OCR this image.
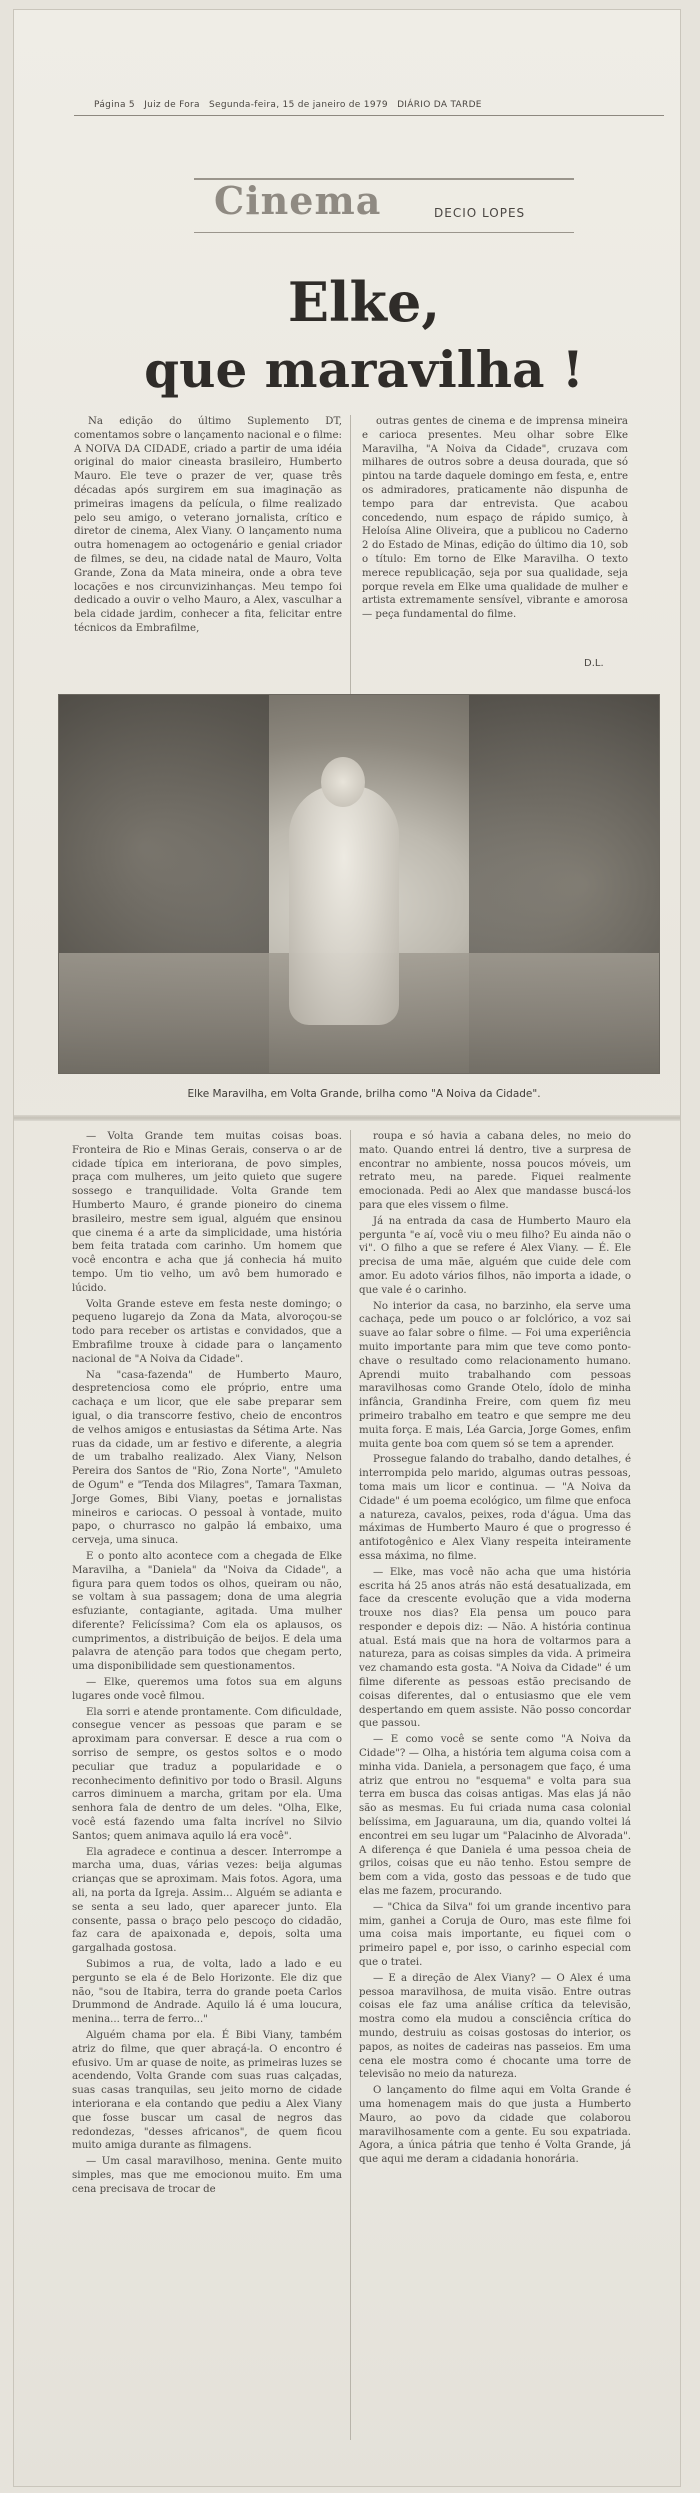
Página 5 Juiz de Fora Segunda-feira, 15 de janeiro de 1979 DIÁRIO DA TARDE
Cinema	DECIO LOPES
Elke,
que maravilha !

Na edição do último Suplemento DT, comentamos sobre o lançamento nacional e o filme: A NOIVA DA CIDADE, criado a partir de uma idéia original do maior cineasta brasileiro, Humberto Mauro. Ele teve o prazer de ver, quase três décadas após surgirem em sua imaginação as primeiras imagens da película, o filme realizado pelo seu amigo, o veterano jornalista, crítico e diretor de cinema, Alex Viany. O lançamento numa outra homenagem ao octogenário e genial criador de filmes, se deu, na cidade natal de Mauro, Volta Grande, Zona da Mata mineira, onde a obra teve locações e nos circunvizinhanças. Meu tempo foi dedicado a ouvir o velho Mauro, a Alex, vasculhar a bela cidade jardim, conhecer a fita, felicitar entre técnicos da Embrafilme,

outras gentes de cinema e de imprensa mineira e carioca presentes. Meu olhar sobre Elke Maravilha, "A Noiva da Cidade", cruzava com milhares de outros sobre a deusa dourada, que só pintou na tarde daquele domingo em festa, e, entre os admiradores, praticamente não dispunha de tempo para dar entrevista. Que acabou concedendo, num espaço de rápido sumiço, à Heloísa Aline Oliveira, que a publicou no Caderno 2 do Estado de Minas, edição do último dia 10, sob o título: Em torno de Elke Maravilha. O texto merece republicação, seja por sua qualidade, seja porque revela em Elke uma qualidade de mulher e artista extremamente sensível, vibrante e amorosa — peça fundamental do filme.

D.L.
Elke Maravilha, em Volta Grande, brilha como "A Noiva da Cidade".

— Volta Grande tem muitas coisas boas. Fronteira de Rio e Minas Gerais, conserva o ar de cidade típica em interiorana, de povo simples, praça com mulheres, um jeito quieto que sugere sossego e tranquilidade. Volta Grande tem Humberto Mauro, é grande pioneiro do cinema brasileiro, mestre sem igual, alguém que ensinou que cinema é a arte da simplicidade, uma história bem feita tratada com carinho. Um homem que você encontra e acha que já conhecia há muito tempo. Um tio velho, um avô bem humorado e lúcido.

Volta Grande esteve em festa neste domingo; o pequeno lugarejo da Zona da Mata, alvoroçou-se todo para receber os artistas e convidados, que a Embrafilme trouxe à cidade para o lançamento nacional de "A Noiva da Cidade".

Na "casa-fazenda" de Humberto Mauro, despretenciosa como ele próprio, entre uma cachaça e um licor, que ele sabe preparar sem igual, o dia transcorre festivo, cheio de encontros de velhos amigos e entusiastas da Sétima Arte. Nas ruas da cidade, um ar festivo e diferente, a alegria de um trabalho realizado. Alex Viany, Nelson Pereira dos Santos de "Rio, Zona Norte", "Amuleto de Ogum" e "Tenda dos Milagres", Tamara Taxman, Jorge Gomes, Bibi Viany, poetas e jornalistas mineiros e cariocas. O pessoal à vontade, muito papo, o churrasco no galpão lá embaixo, uma cerveja, uma sinuca.

E o ponto alto acontece com a chegada de Elke Maravilha, a "Daniela" da "Noiva da Cidade", a figura para quem todos os olhos, queiram ou não, se voltam à sua passagem; dona de uma alegria esfuziante, contagiante, agitada. Uma mulher diferente? Felicíssima? Com ela os aplausos, os cumprimentos, a distribuição de beijos. E dela uma palavra de atenção para todos que chegam perto, uma disponibilidade sem questionamentos.

— Elke, queremos uma fotos sua em alguns lugares onde você filmou.

Ela sorri e atende prontamente. Com dificuldade, consegue vencer as pessoas que param e se aproximam para conversar. E desce a rua com o sorriso de sempre, os gestos soltos e o modo peculiar que traduz a popularidade e o reconhecimento definitivo por todo o Brasil. Alguns carros diminuem a marcha, gritam por ela. Uma senhora fala de dentro de um deles. "Olha, Elke, você está fazendo uma falta incrível no Silvio Santos; quem animava aquilo lá era você".

Ela agradece e continua a descer. Interrompe a marcha uma, duas, várias vezes: beija algumas crianças que se aproximam. Mais fotos. Agora, uma ali, na porta da Igreja. Assim... Alguém se adianta e se senta a seu lado, quer aparecer junto. Ela consente, passa o braço pelo pescoço do cidadão, faz cara de apaixonada e, depois, solta uma gargalhada gostosa.

Subimos a rua, de volta, lado a lado e eu pergunto se ela é de Belo Horizonte. Ele diz que não, "sou de Itabira, terra do grande poeta Carlos Drummond de Andrade. Aquilo lá é uma loucura, menina... terra de ferro..."

Alguém chama por ela. É Bibi Viany, também atriz do filme, que quer abraçá-la. O encontro é efusivo. Um ar quase de noite, as primeiras luzes se acendendo, Volta Grande com suas ruas calçadas, suas casas tranquilas, seu jeito morno de cidade interiorana e ela contando que pediu a Alex Viany que fosse buscar um casal de negros das redondezas, "desses africanos", de quem ficou muito amiga durante as filmagens.

— Um casal maravilhoso, menina. Gente muito simples, mas que me emocionou muito. Em uma cena precisava de trocar de

roupa e só havia a cabana deles, no meio do mato. Quando entrei lá dentro, tive a surpresa de encontrar no ambiente, nossa poucos móveis, um retrato meu, na parede. Fiquei realmente emocionada. Pedi ao Alex que mandasse buscá-los para que eles vissem o filme.

Já na entrada da casa de Humberto Mauro ela pergunta "e aí, você viu o meu filho? Eu ainda não o vi". O filho a que se refere é Alex Viany. — É. Ele precisa de uma mãe, alguém que cuide dele com amor. Eu adoto vários filhos, não importa a idade, o que vale é o carinho.

No interior da casa, no barzinho, ela serve uma cachaça, pede um pouco o ar folclórico, a voz sai suave ao falar sobre o filme. — Foi uma experiência muito importante para mim que teve como ponto-chave o resultado como relacionamento humano. Aprendi muito trabalhando com pessoas maravilhosas como Grande Otelo, ídolo de minha infância, Grandinha Freire, com quem fiz meu primeiro trabalho em teatro e que sempre me deu muita força. E mais, Léa Garcia, Jorge Gomes, enfim muita gente boa com quem só se tem a aprender.

Prossegue falando do trabalho, dando detalhes, é interrompida pelo marido, algumas outras pessoas, toma mais um licor e continua. — "A Noiva da Cidade" é um poema ecológico, um filme que enfoca a natureza, cavalos, peixes, roda d'água. Uma das máximas de Humberto Mauro é que o progresso é antifotogênico e Alex Viany respeita inteiramente essa máxima, no filme.

— Elke, mas você não acha que uma história escrita há 25 anos atrás não está desatualizada, em face da crescente evolução que a vida moderna trouxe nos dias? Ela pensa um pouco para responder e depois diz: — Não. A história continua atual. Está mais que na hora de voltarmos para a natureza, para as coisas simples da vida. A primeira vez chamando esta gosta. "A Noiva da Cidade" é um filme diferente as pessoas estão precisando de coisas diferentes, dal o entusiasmo que ele vem despertando em quem assiste. Não posso concordar que passou.

— E como você se sente como "A Noiva da Cidade"? — Olha, a história tem alguma coisa com a minha vida. Daniela, a personagem que faço, é uma atriz que entrou no "esquema" e volta para sua terra em busca das coisas antigas. Mas elas já não são as mesmas. Eu fui criada numa casa colonial belíssima, em Jaguarauna, um dia, quando voltei lá encontrei em seu lugar um "Palacinho de Alvorada". A diferença é que Daniela é uma pessoa cheia de grilos, coisas que eu não tenho. Estou sempre de bem com a vida, gosto das pessoas e de tudo que elas me fazem, procurando.

— "Chica da Silva" foi um grande incentivo para mim, ganhei a Coruja de Ouro, mas este filme foi uma coisa mais importante, eu fiquei com o primeiro papel e, por isso, o carinho especial com que o tratei.

— E a direção de Alex Viany? — O Alex é uma pessoa maravilhosa, de muita visão. Entre outras coisas ele faz uma análise crítica da televisão, mostra como ela mudou a consciência crítica do mundo, destruiu as coisas gostosas do interior, os papos, as noites de cadeiras nas passeios. Em uma cena ele mostra como é chocante uma torre de televisão no meio da natureza.

O lançamento do filme aqui em Volta Grande é uma homenagem mais do que justa a Humberto Mauro, ao povo da cidade que colaborou maravilhosamente com a gente. Eu sou expatriada. Agora, a única pátria que tenho é Volta Grande, já que aqui me deram a cidadania honorária.
